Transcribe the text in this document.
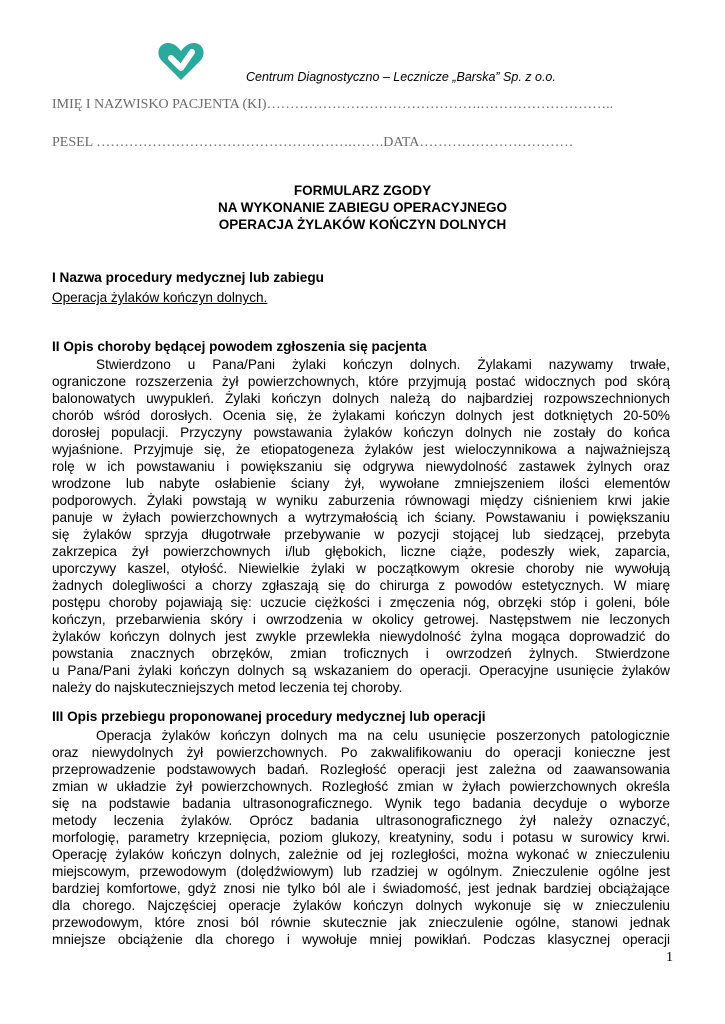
Centrum Diagnostyczno – Lecznicze „Barska” Sp. z o.o.
IMIĘ I NAZWISKO PACJENTA (KI)……………………………………….………………………..
PESEL ……………………………………………….…….DATA……………………………
FORMULARZ ZGODY
NA WYKONANIE ZABIEGU OPERACYJNEGO
OPERACJA ŻYLAKÓW KOŃCZYN DOLNYCH
I Nazwa procedury medycznej lub zabiegu
Operacja żylaków kończyn dolnych.
II Opis choroby będącej powodem zgłoszenia się pacjenta
Stwierdzono u Pana/Pani żylaki kończyn dolnych. Żylakami nazywamy trwałe,
ograniczone rozszerzenia żył powierzchownych, które przyjmują postać widocznych pod skórą
balonowatych uwypukleń. Żylaki kończyn dolnych należą do najbardziej rozpowszechnionych
chorób wśród dorosłych. Ocenia się, że żylakami kończyn dolnych jest dotkniętych 20-50%
dorosłej populacji. Przyczyny powstawania żylaków kończyn dolnych nie zostały do końca
wyjaśnione. Przyjmuje się, że etiopatogeneza żylaków jest wieloczynnikowa a najważniejszą
rolę w ich powstawaniu i powiększaniu się odgrywa niewydolność zastawek żylnych oraz
wrodzone lub nabyte osłabienie ściany żył, wywołane zmniejszeniem ilości elementów
podporowych. Żylaki powstają w wyniku zaburzenia równowagi między ciśnieniem krwi jakie
panuje w żyłach powierzchownych a wytrzymałością ich ściany. Powstawaniu i powiększaniu
się żylaków sprzyja długotrwałe przebywanie w pozycji stojącej lub siedzącej, przebyta
zakrzepica żył powierzchownych i/lub głębokich, liczne ciąże, podeszły wiek, zaparcia,
uporczywy kaszel, otyłość. Niewielkie żylaki w początkowym okresie choroby nie wywołują
żadnych dolegliwości a chorzy zgłaszają się do chirurga z powodów estetycznych. W miarę
postępu choroby pojawiają się: uczucie ciężkości i zmęczenia nóg, obrzęki stóp i goleni, bóle
kończyn, przebarwienia skóry i owrzodzenia w okolicy getrowej. Następstwem nie leczonych
żylaków kończyn dolnych jest zwykle przewlekła niewydolność żylna mogąca doprowadzić do
powstania znacznych obrzęków, zmian troficznych i owrzodzeń żylnych. Stwierdzone
u Pana/Pani żylaki kończyn dolnych są wskazaniem do operacji. Operacyjne usunięcie żylaków
należy do najskuteczniejszych metod leczenia tej choroby.
III Opis przebiegu proponowanej procedury medycznej lub operacji
Operacja żylaków kończyn dolnych ma na celu usunięcie poszerzonych patologicznie
oraz niewydolnych żył powierzchownych. Po zakwalifikowaniu do operacji konieczne jest
przeprowadzenie podstawowych badań. Rozległość operacji jest zależna od zaawansowania
zmian w układzie żył powierzchownych. Rozległość zmian w żyłach powierzchownych określa
się na podstawie badania ultrasonograficznego. Wynik tego badania decyduje o wyborze
metody leczenia żylaków. Oprócz badania ultrasonograficznego żył należy oznaczyć,
morfologię, parametry krzepnięcia, poziom glukozy, kreatyniny, sodu i potasu w surowicy krwi.
Operację żylaków kończyn dolnych, zależnie od jej rozległości, można wykonać w znieczuleniu
miejscowym, przewodowym (dolędźwiowym) lub rzadziej w ogólnym. Znieczulenie ogólne jest
bardziej komfortowe, gdyż znosi nie tylko ból ale i świadomość, jest jednak bardziej obciążające
dla chorego. Najczęściej operacje żylaków kończyn dolnych wykonuje się w znieczuleniu
przewodowym, które znosi ból równie skutecznie jak znieczulenie ogólne, stanowi jednak
mniejsze obciążenie dla chorego i wywołuje mniej powikłań. Podczas klasycznej operacji
1
